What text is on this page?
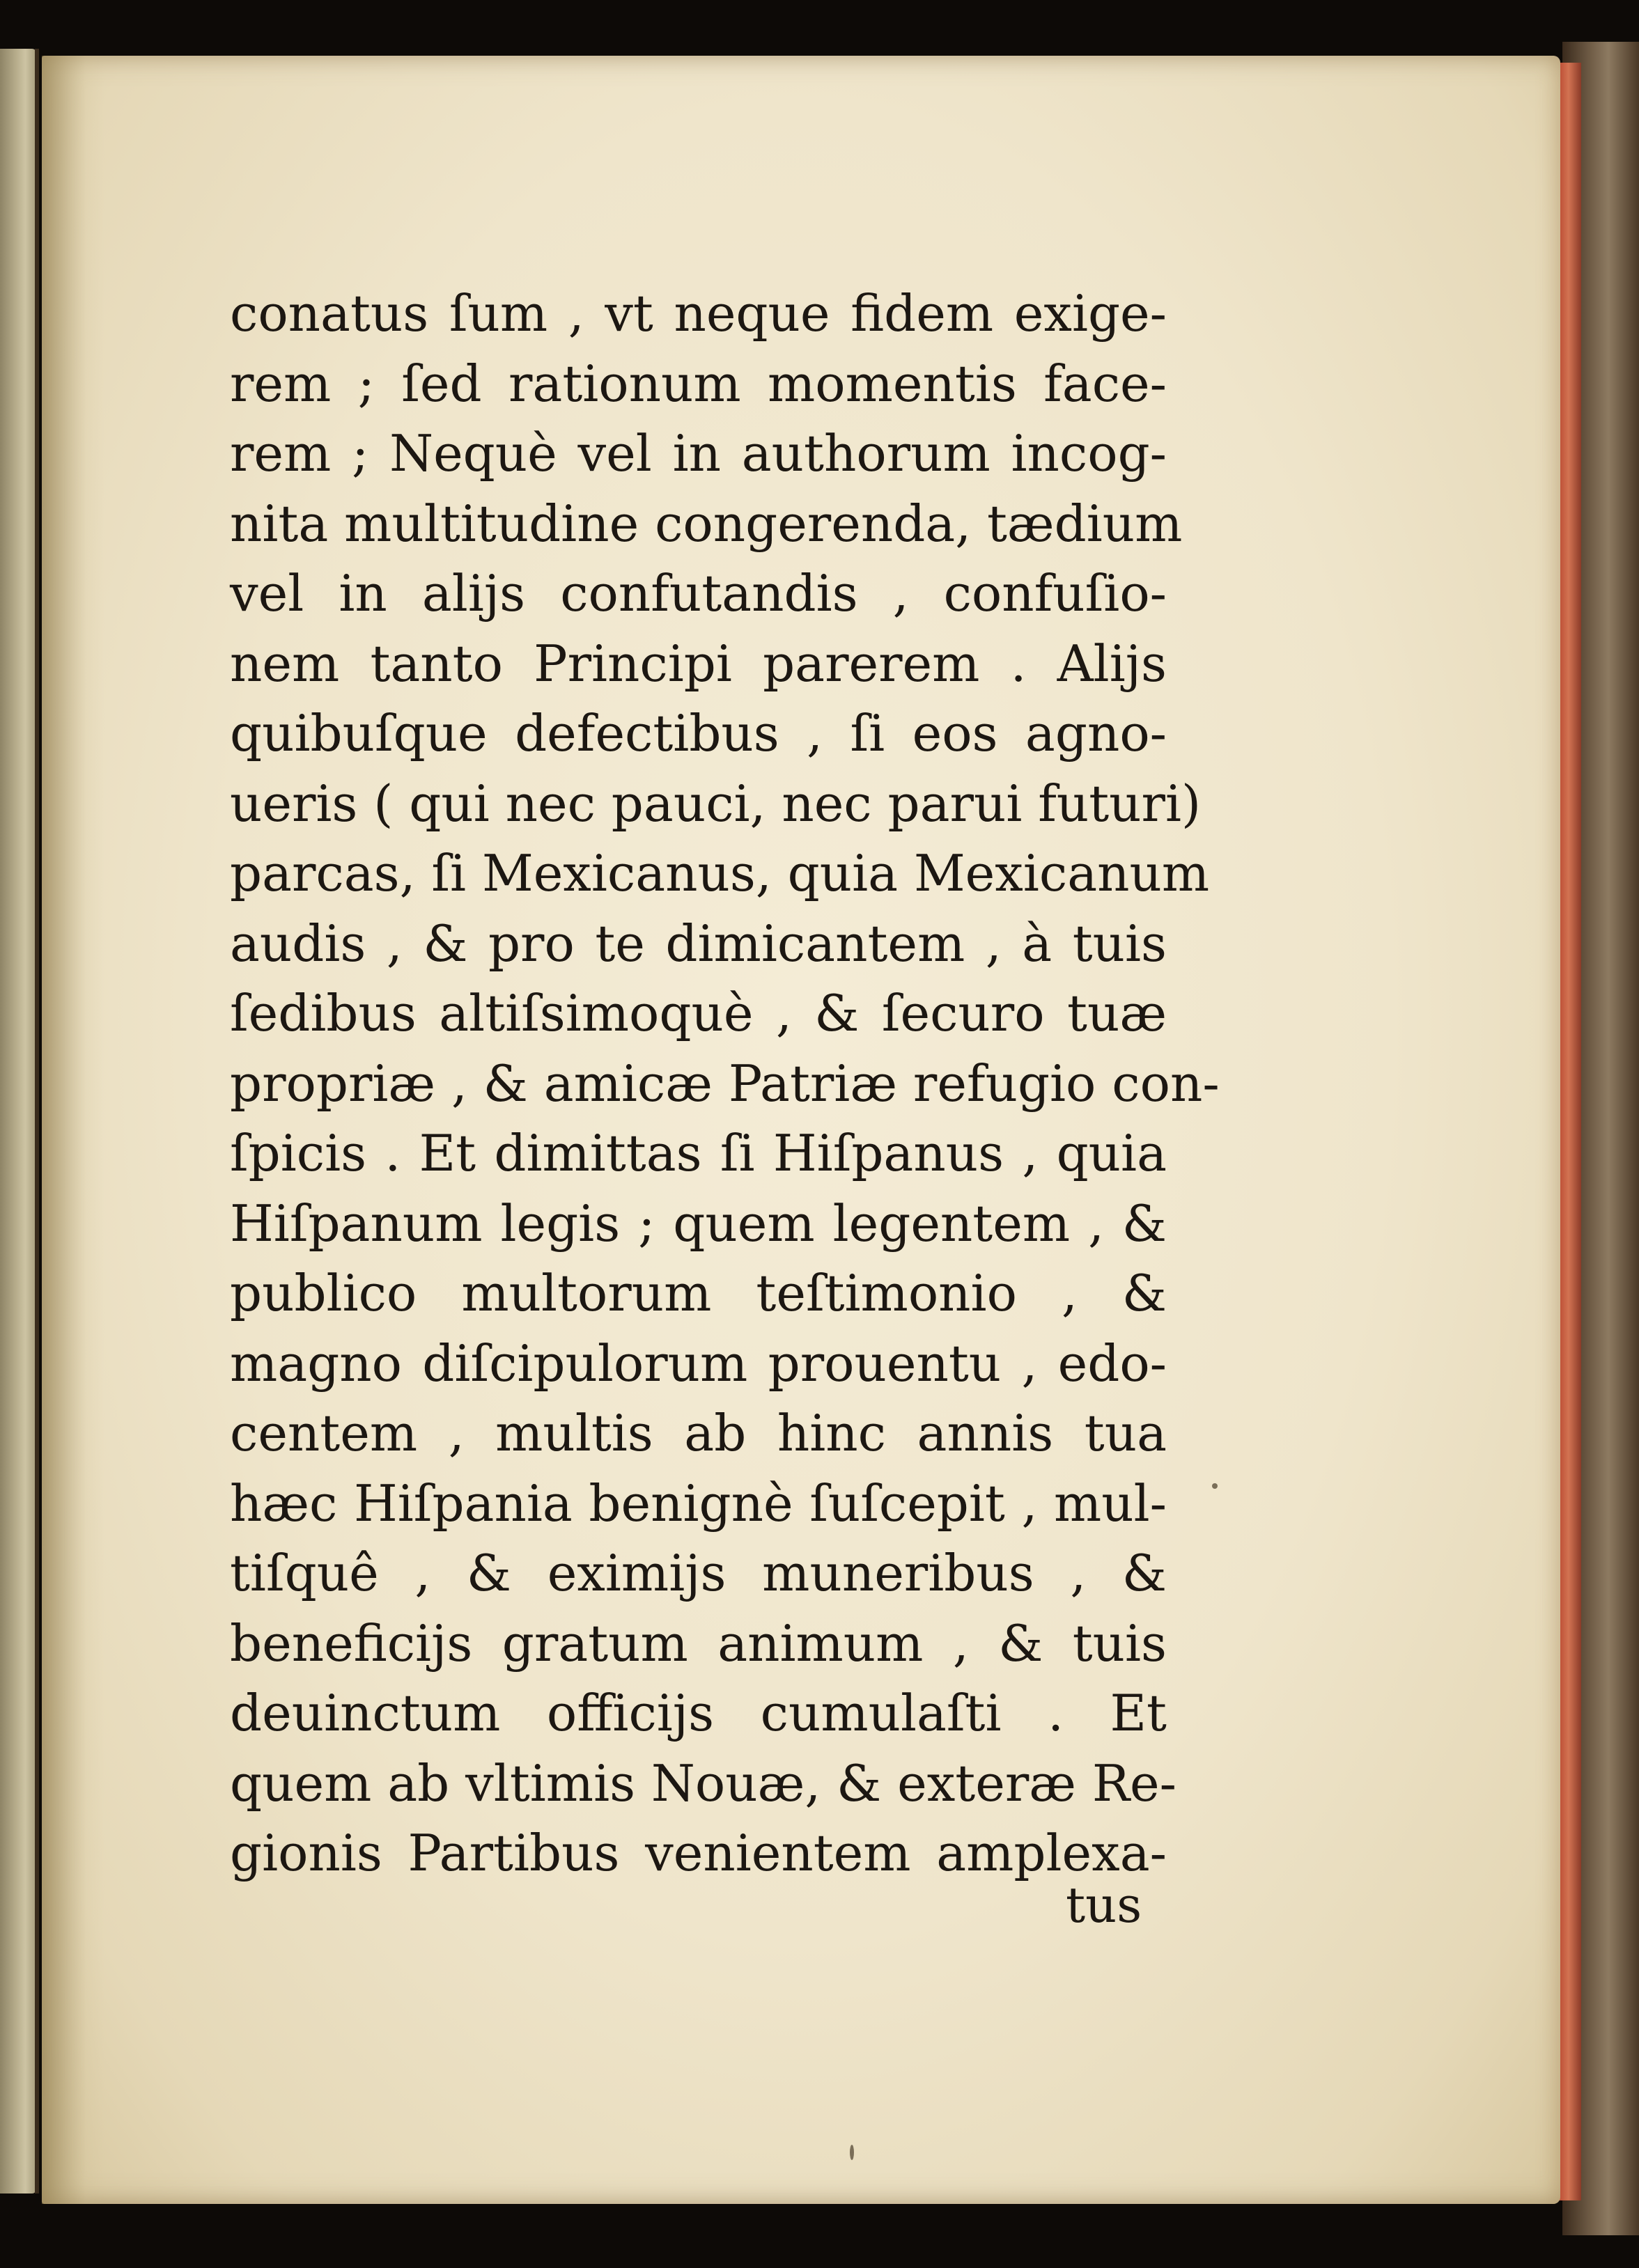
conatus ſum , vt neque fidem exige-
rem ; ſed rationum momentis face-
rem ; Nequè vel in authorum incog-
nita multitudine congerenda, tædium
vel in alijs confutandis , confuſio-
nem tanto Principi parerem . Alijs
quibuſque defectibus , ſi eos agno-
ueris ( qui nec pauci, nec parui futuri)
parcas, ſi Mexicanus, quia Mexicanum
audis , & pro te dimicantem , à tuis
ſedibus altiſsimoquè , & ſecuro tuæ
propriæ , & amicæ Patriæ refugio con-
ſpicis . Et dimittas ſi Hiſpanus , quia
Hiſpanum legis ; quem legentem , &
publico multorum teſtimonio , &
magno diſcipulorum prouentu , edo-
centem , multis ab hinc annis tua
hæc Hiſpania benignè ſuſcepit , mul-
tiſquê , & eximijs muneribus , &
beneficijs gratum animum , & tuis
deuinctum officijs cumulaſti . Et
quem ab vltimis Nouæ, & exteræ Re-
gionis Partibus venientem amplexa-
tus
